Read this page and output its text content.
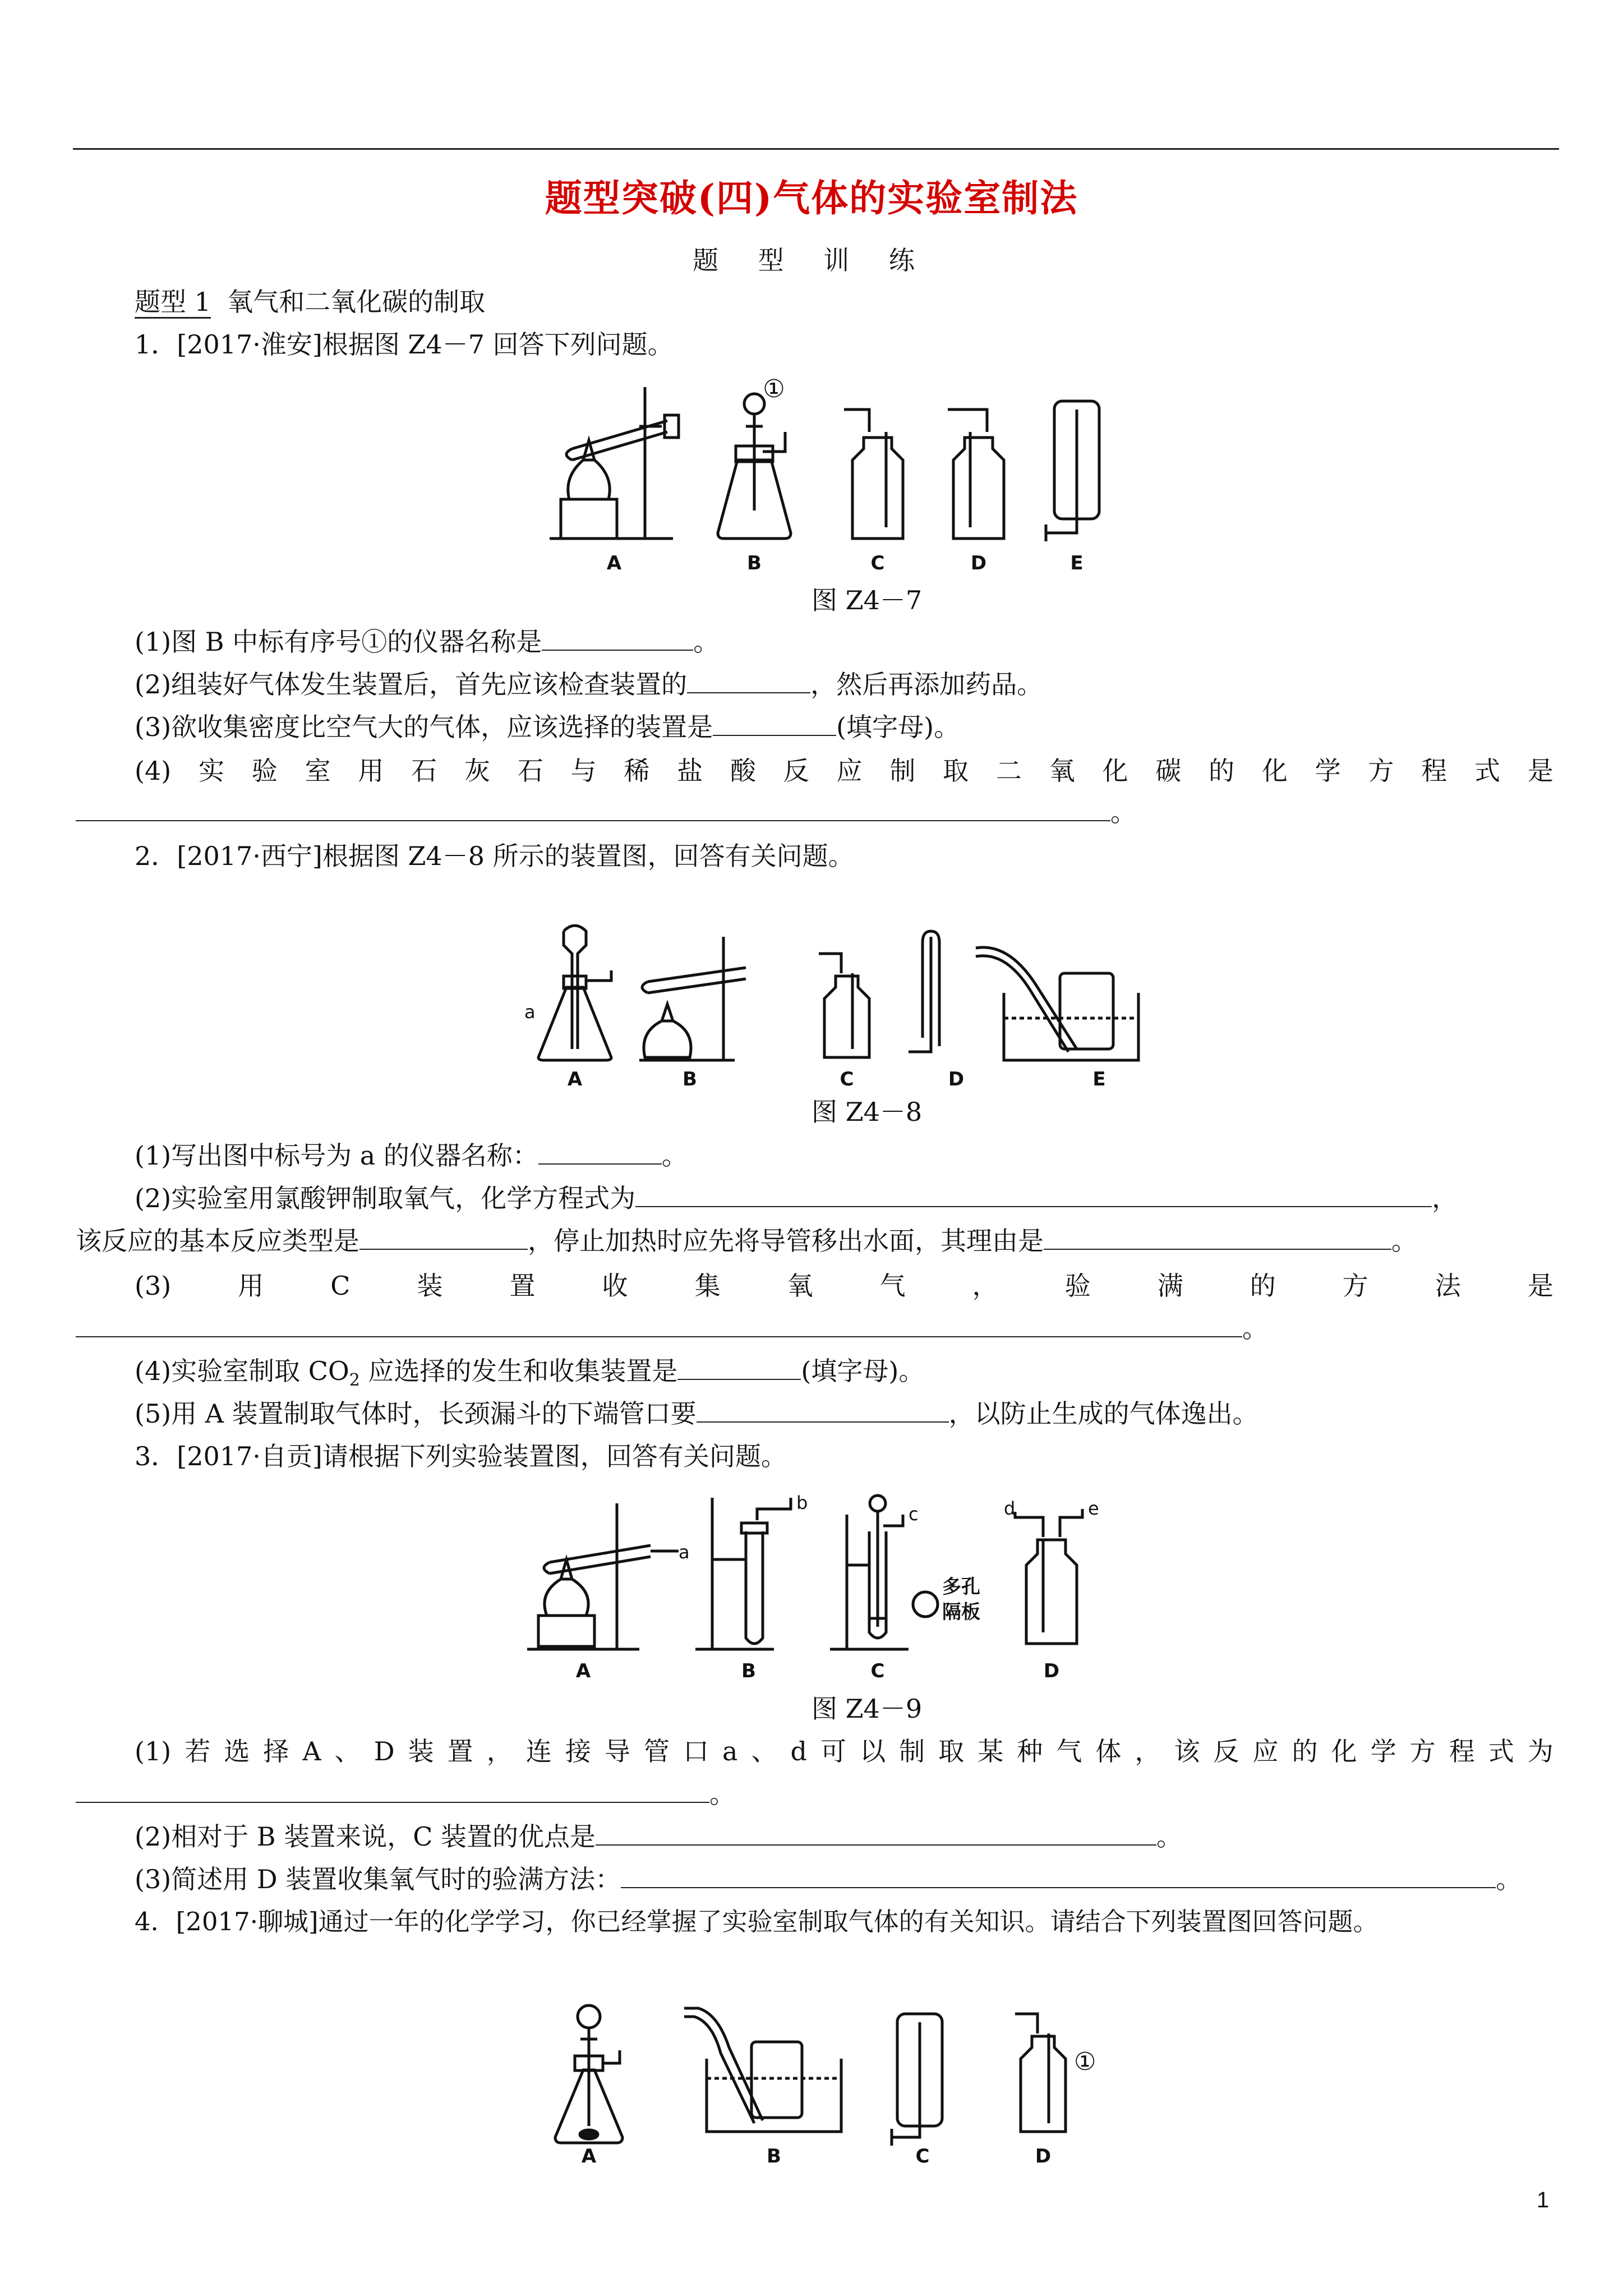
题型突破(四)气体的实验室制法
题 型 训 练
题型 1 氧气和二氧化碳的制取
1．[2017·淮安]根据图 Z4－7 回答下列问题。
①
A	B	C	D	E
图 Z4－7
(1)图 B 中标有序号①的仪器名称是	。
(2)组装好气体发生装置后，首先应该检查装置的	，然后再添加药品。
(3)欲收集密度比空气大的气体，应该选择的装置是	(填字母)。
(4) 实 验 室 用 石 灰 石 与 稀 盐 酸 反 应 制 取 二 氧 化 碳 的 化 学 方 程 式 是
。
2．[2017·西宁]根据图 Z4－8 所示的装置图，回答有关问题。
a
A	B	C	D	E
图 Z4－8
(1)写出图中标号为 a 的仪器名称：	。
(2)实验室用氯酸钾制取氧气，化学方程式为	，
该反应的基本反应类型是	，停止加热时应先将导管移出水面，其理由是	。
(3)	用	C	装	置	收	集	氧	气	，	验	满	的	方	法	是
。
(4)实验室制取 $CO_2$ 应选择的发生和收集装置是	(填字母)。
(5)用 A 装置制取气体时，长颈漏斗的下端管口要	，以防止生成的气体逸出。
3．[2017·自贡]请根据下列实验装置图，回答有关问题。
a
b
c	d	e
多孔
隔板
A	B	C	D
图 Z4－9
(1) 若 选 择 A 、 D 装 置 ， 连 接 导 管 口 a 、 d 可 以 制 取 某 种 气 体 ， 该 反 应 的 化 学 方 程 式 为
。
(2)相对于 B 装置来说，C 装置的优点是	。
(3)简述用 D 装置收集氧气时的验满方法：	。
4．[2017·聊城]通过一年的化学学习，你已经掌握了实验室制取气体的有关知识。请结合下列装置图回答问题。
①
A	B	C	D
1
